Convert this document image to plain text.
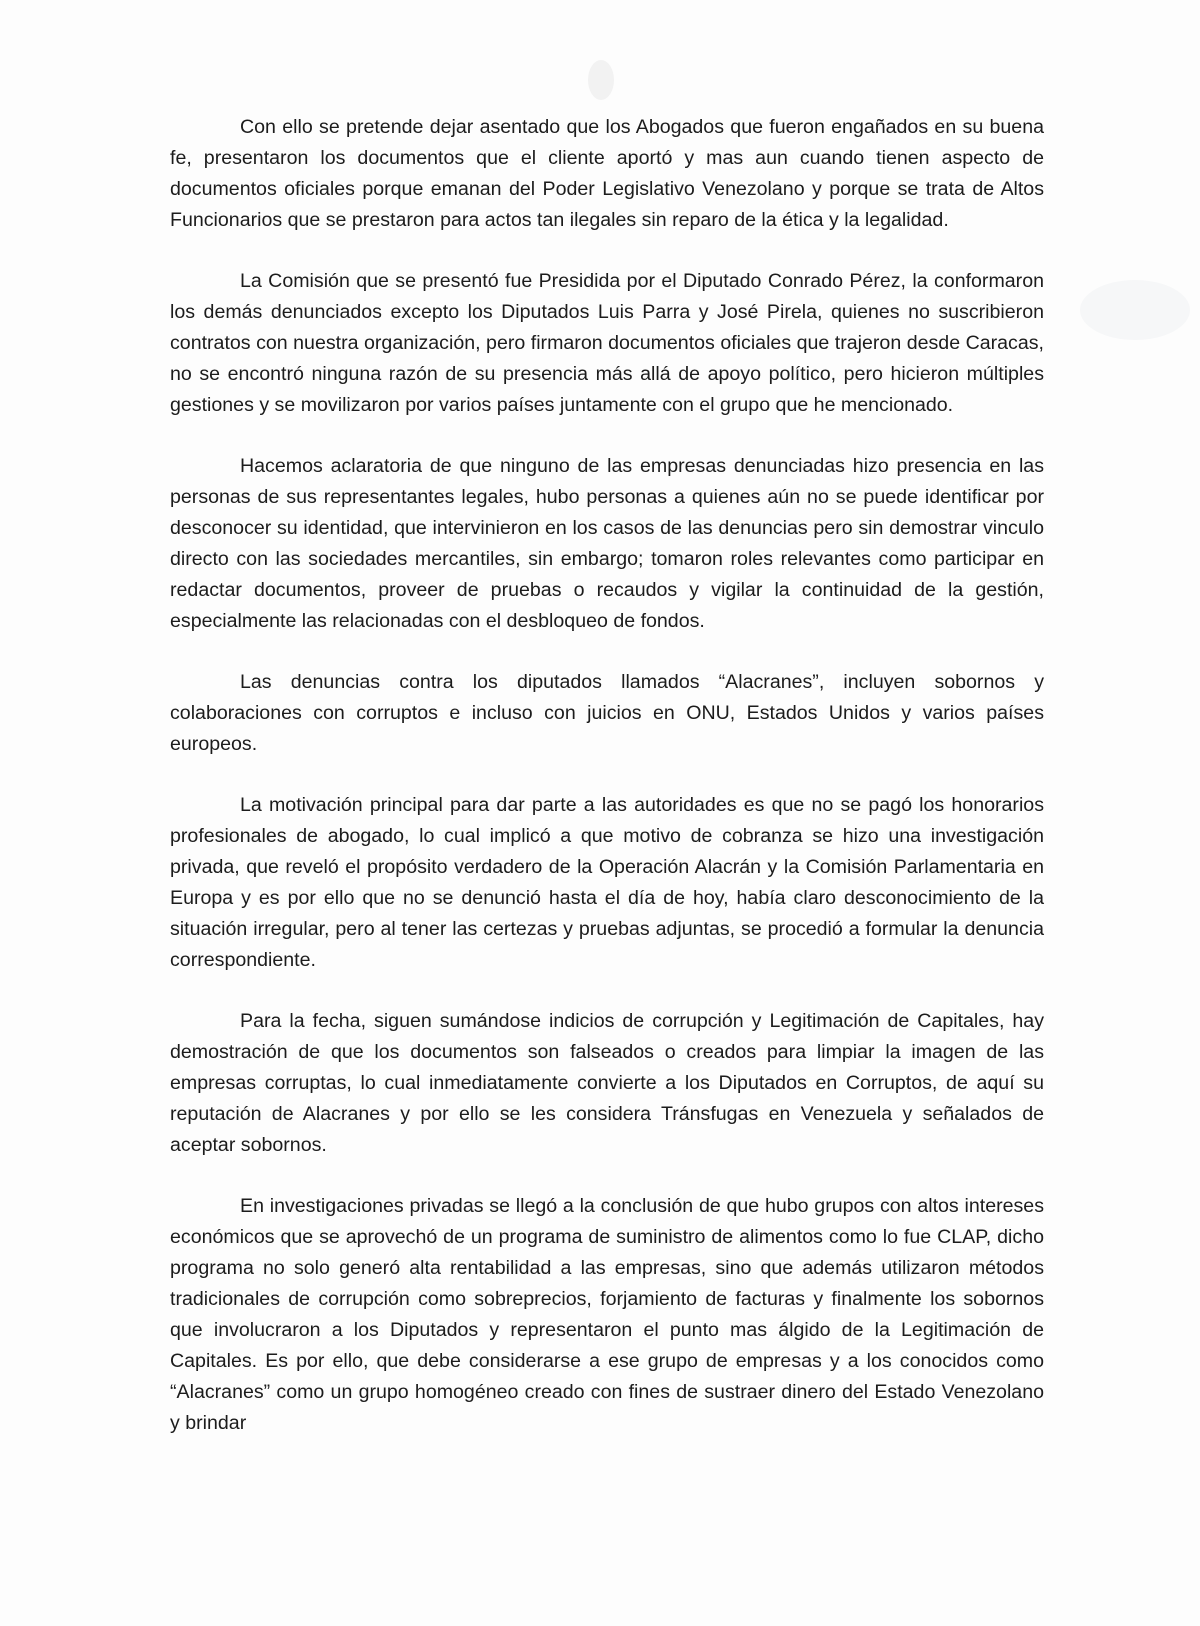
Con ello se pretende dejar asentado que los Abogados que fueron engañados en su buena fe, presentaron los documentos que el cliente aportó y mas aun cuando tienen aspecto de documentos oficiales porque emanan del Poder Legislativo Venezolano y porque se trata de Altos Funcionarios que se prestaron para actos tan ilegales sin reparo de la ética y la legalidad.

La Comisión que se presentó fue Presidida por el Diputado Conrado Pérez, la conformaron los demás denunciados excepto los Diputados Luis Parra y José Pirela, quienes no suscribieron contratos con nuestra organización, pero firmaron documentos oficiales que trajeron desde Caracas, no se encontró ninguna razón de su presencia más allá de apoyo político, pero hicieron múltiples gestiones y se movilizaron por varios países juntamente con el grupo que he mencionado.

Hacemos aclaratoria de que ninguno de las empresas denunciadas hizo presencia en las personas de sus representantes legales, hubo personas a quienes aún no se puede identificar por desconocer su identidad, que intervinieron en los casos de las denuncias pero sin demostrar vinculo directo con las sociedades mercantiles, sin embargo; tomaron roles relevantes como participar en redactar documentos, proveer de pruebas o recaudos y vigilar la continuidad de la gestión, especialmente las relacionadas con el desbloqueo de fondos.

Las denuncias contra los diputados llamados “Alacranes”, incluyen sobornos y colaboraciones con corruptos e incluso con juicios en ONU, Estados Unidos y varios países europeos.

La motivación principal para dar parte a las autoridades es que no se pagó los honorarios profesionales de abogado, lo cual implicó a que motivo de cobranza se hizo una investigación privada, que reveló el propósito verdadero de la Operación Alacrán y la Comisión Parlamentaria en Europa y es por ello que no se denunció hasta el día de hoy, había claro desconocimiento de la situación irregular, pero al tener las certezas y pruebas adjuntas, se procedió a formular la denuncia correspondiente.

Para la fecha, siguen sumándose indicios de corrupción y Legitimación de Capitales, hay demostración de que los documentos son falseados o creados para limpiar la imagen de las empresas corruptas, lo cual inmediatamente convierte a los Diputados en Corruptos, de aquí su reputación de Alacranes y por ello se les considera Tránsfugas en Venezuela y señalados de aceptar sobornos.

En investigaciones privadas se llegó a la conclusión de que hubo grupos con altos intereses económicos que se aprovechó de un programa de suministro de alimentos como lo fue CLAP, dicho programa no solo generó alta rentabilidad a las empresas, sino que además utilizaron métodos tradicionales de corrupción como sobreprecios, forjamiento de facturas y finalmente los sobornos que involucraron a los Diputados y representaron el punto mas álgido de la Legitimación de Capitales. Es por ello, que debe considerarse a ese grupo de empresas y a los conocidos como “Alacranes” como un grupo homogéneo creado con fines de sustraer dinero del Estado Venezolano y brindar
